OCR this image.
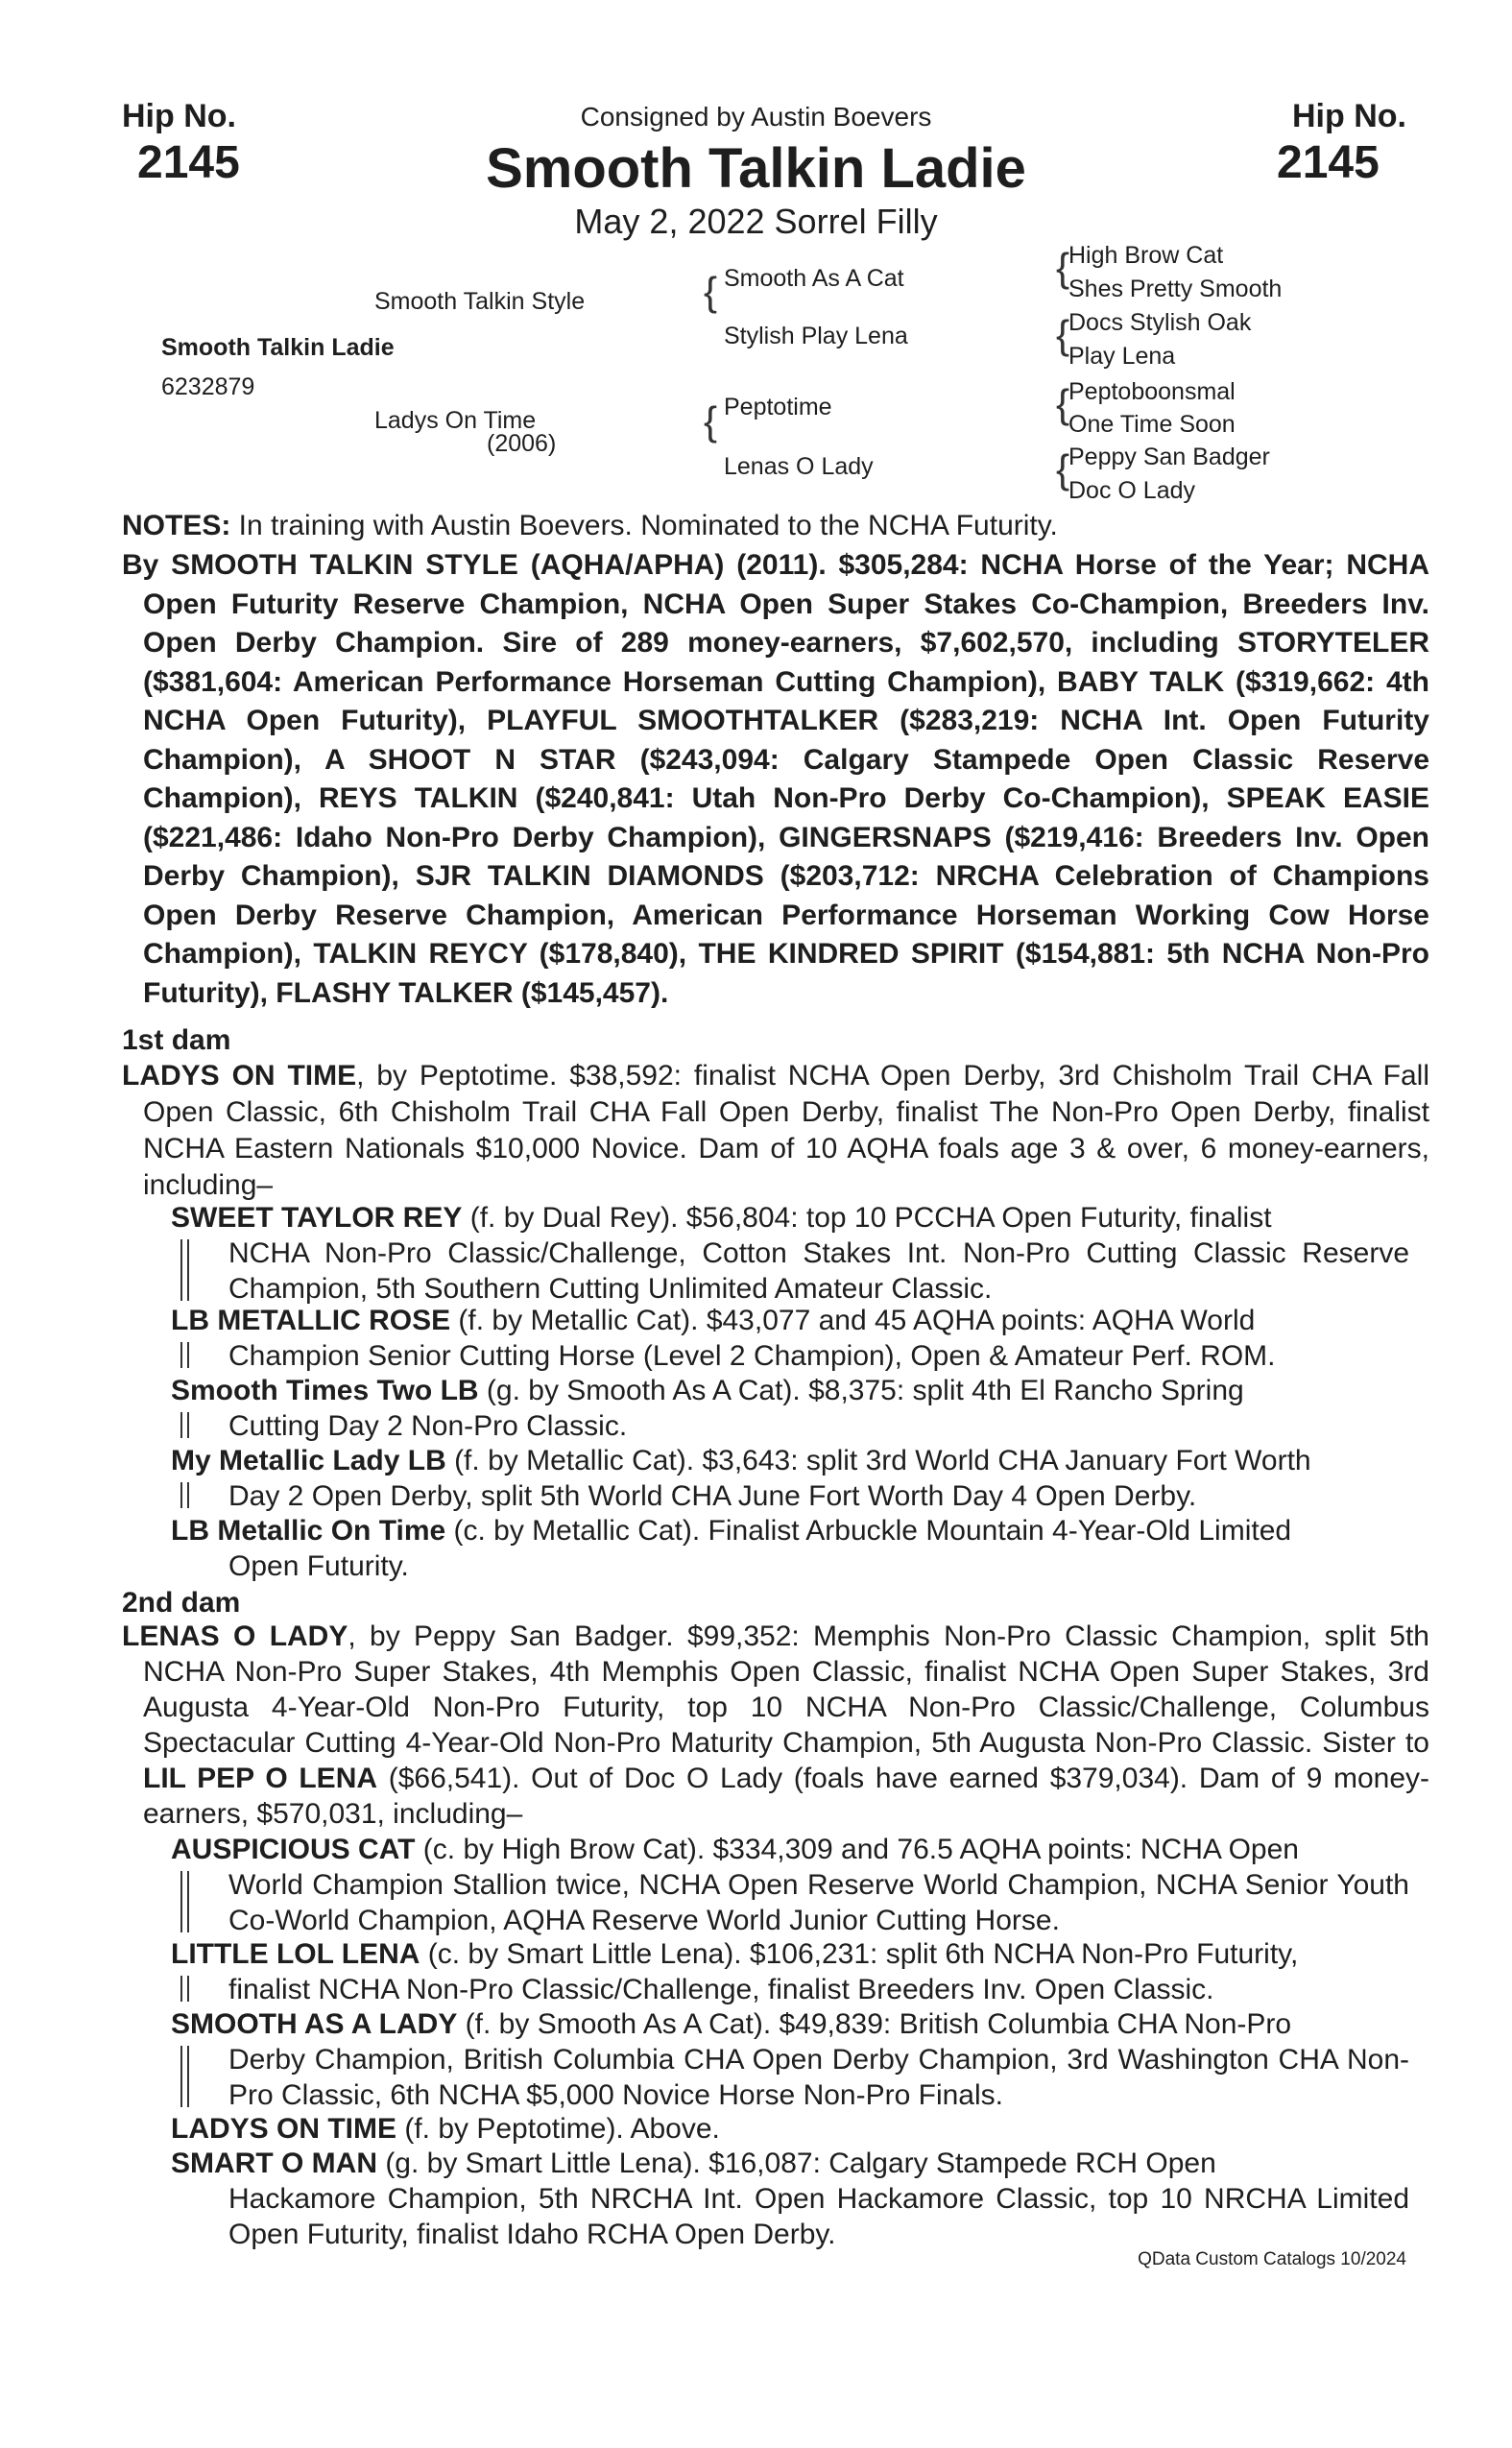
Hip No.
2145
Hip No.
2145
Consigned by Austin Boevers
Smooth Talkin Ladie
May 2, 2022 Sorrel Filly
Smooth Talkin Ladie
6232879
Smooth Talkin Style
Ladys On Time
(2006)
{ Smooth As A Cat
Stylish Play Lena
{ Peptotime
Lenas O Lady
{
High Brow Cat
Shes Pretty Smooth
{
Docs Stylish Oak
Play Lena
{
Peptoboonsmal
One Time Soon
{
Peppy San Badger
Doc O Lady
NOTES: In training with Austin Boevers. Nominated to the NCHA Futurity.
By SMOOTH TALKIN STYLE (AQHA/APHA) (2011). $305,284: NCHA Horse of the Year; NCHA Open Futurity Reserve Champion, NCHA Open Super Stakes Co-Champion, Breeders Inv. Open Derby Champion. Sire of 289 money-earners, $7,602,570, including STORYTELER ($381,604: American Performance Horseman Cutting Champion), BABY TALK ($319,662: 4th NCHA Open Futurity), PLAYFUL SMOOTHTALKER ($283,219: NCHA Int. Open Futurity Champion), A SHOOT N STAR ($243,094: Calgary Stampede Open Classic Reserve Champion), REYS TALKIN ($240,841: Utah Non-Pro Derby Co-Champion), SPEAK EASIE ($221,486: Idaho Non-Pro Derby Champion), GINGERSNAPS ($219,416: Breeders Inv. Open Derby Champion), SJR TALKIN DIAMONDS ($203,712: NRCHA Celebration of Champions Open Derby Reserve Champion, American Performance Horseman Working Cow Horse Champion), TALKIN REYCY ($178,840), THE KINDRED SPIRIT ($154,881: 5th NCHA Non-Pro Futurity), FLASHY TALKER ($145,457).
1st dam
LADYS ON TIME, by Peptotime. $38,592: finalist NCHA Open Derby, 3rd Chisholm Trail CHA Fall Open Classic, 6th Chisholm Trail CHA Fall Open Derby, finalist The Non-Pro Open Derby, finalist NCHA Eastern Nationals $10,000 Novice. Dam of 10 AQHA foals age 3 & over, 6 money-earners, including–
SWEET TAYLOR REY (f. by Dual Rey). $56,804: top 10 PCCHA Open Futurity, finalist
NCHA Non-Pro Classic/Challenge, Cotton Stakes Int. Non-Pro Cutting Classic Reserve Champion, 5th Southern Cutting Unlimited Amateur Classic.
LB METALLIC ROSE (f. by Metallic Cat). $43,077 and 45 AQHA points: AQHA World
Champion Senior Cutting Horse (Level 2 Champion), Open & Amateur Perf. ROM.
Smooth Times Two LB (g. by Smooth As A Cat). $8,375: split 4th El Rancho Spring
Cutting Day 2 Non-Pro Classic.
My Metallic Lady LB (f. by Metallic Cat). $3,643: split 3rd World CHA January Fort Worth
Day 2 Open Derby, split 5th World CHA June Fort Worth Day 4 Open Derby.
LB Metallic On Time (c. by Metallic Cat). Finalist Arbuckle Mountain 4-Year-Old Limited
Open Futurity.
2nd dam
LENAS O LADY, by Peppy San Badger. $99,352: Memphis Non-Pro Classic Champion, split 5th NCHA Non-Pro Super Stakes, 4th Memphis Open Classic, finalist NCHA Open Super Stakes, 3rd Augusta 4-Year-Old Non-Pro Futurity, top 10 NCHA Non-Pro Classic/Challenge, Columbus Spectacular Cutting 4-Year-Old Non-Pro Maturity Champion, 5th Augusta Non-Pro Classic. Sister to LIL PEP O LENA ($66,541). Out of Doc O Lady (foals have earned $379,034). Dam of 9 money-earners, $570,031, including–
AUSPICIOUS CAT (c. by High Brow Cat). $334,309 and 76.5 AQHA points: NCHA Open
World Champion Stallion twice, NCHA Open Reserve World Champion, NCHA Senior Youth Co-World Champion, AQHA Reserve World Junior Cutting Horse.
LITTLE LOL LENA (c. by Smart Little Lena). $106,231: split 6th NCHA Non-Pro Futurity,
finalist NCHA Non-Pro Classic/Challenge, finalist Breeders Inv. Open Classic.
SMOOTH AS A LADY (f. by Smooth As A Cat). $49,839: British Columbia CHA Non-Pro
Derby Champion, British Columbia CHA Open Derby Champion, 3rd Washington CHA Non-Pro Classic, 6th NCHA $5,000 Novice Horse Non-Pro Finals.
LADYS ON TIME (f. by Peptotime). Above.
SMART O MAN (g. by Smart Little Lena). $16,087: Calgary Stampede RCH Open
Hackamore Champion, 5th NRCHA Int. Open Hackamore Classic, top 10 NRCHA Limited Open Futurity, finalist Idaho RCHA Open Derby.
QData Custom Catalogs 10/2024
